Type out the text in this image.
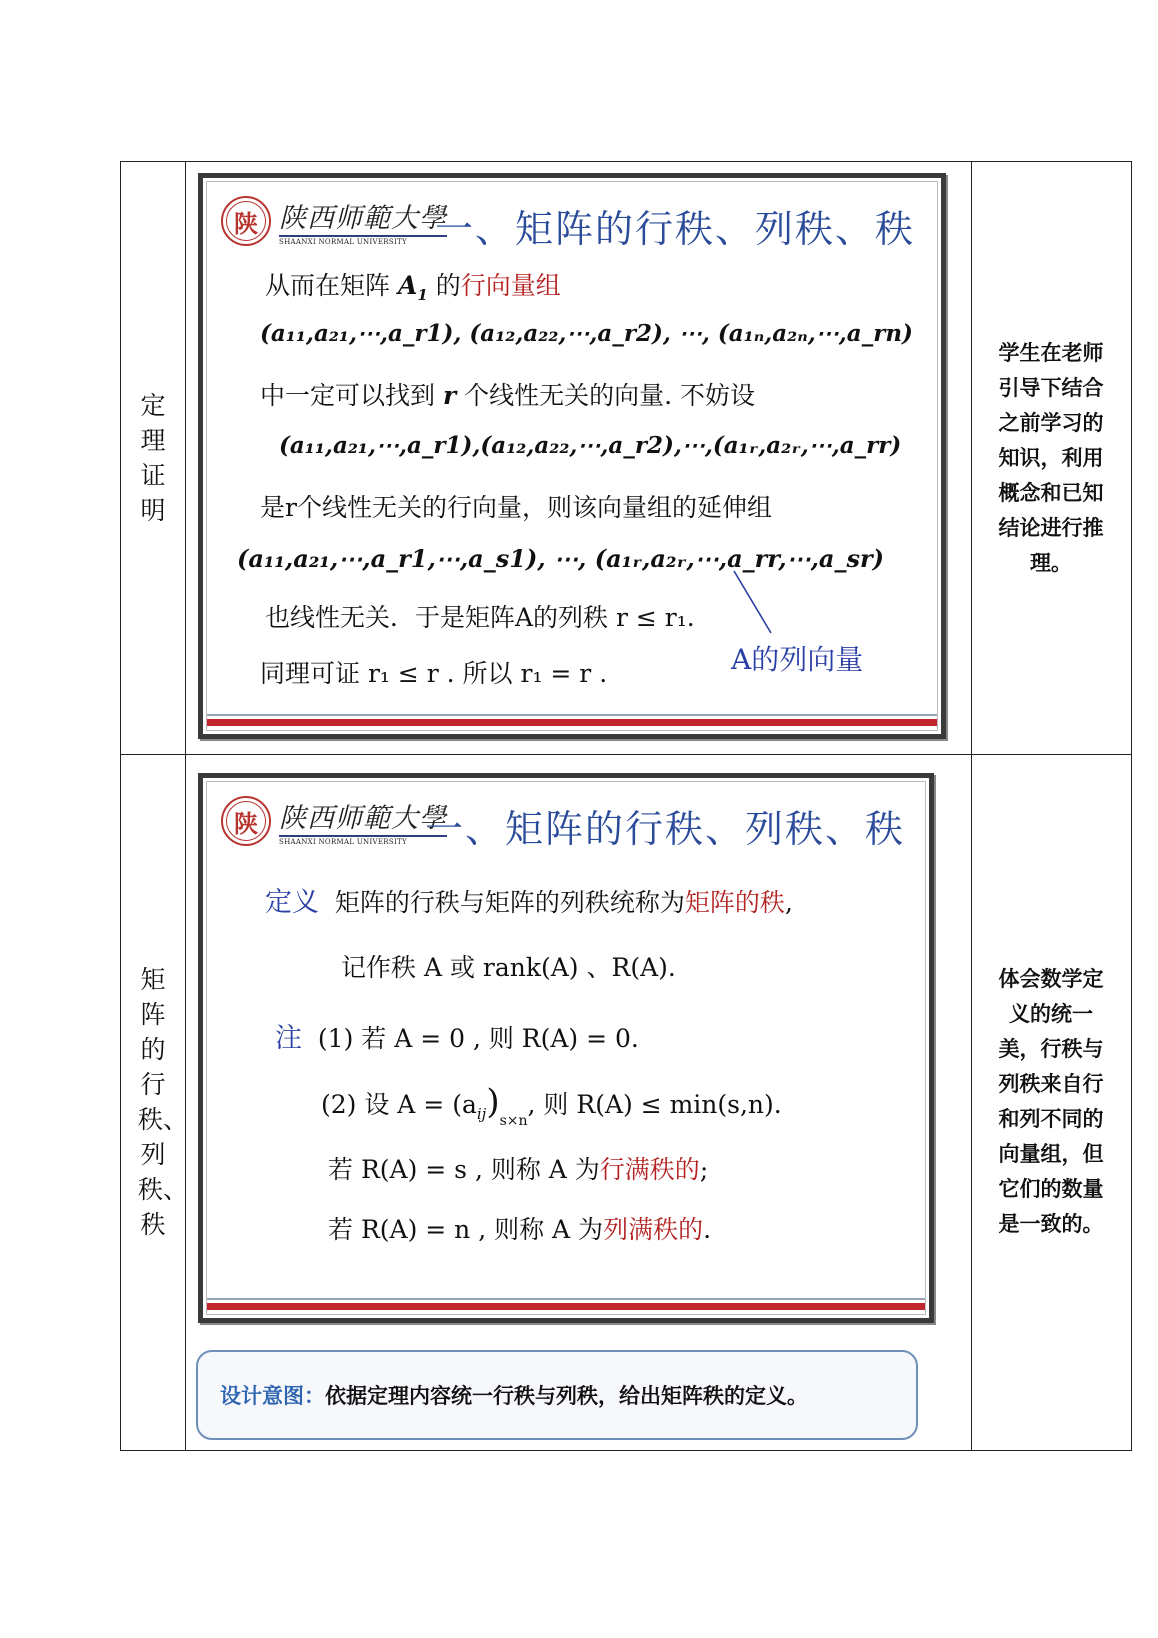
定理证明
学生在老师引导下结合之前学习的知识，利用概念和已知结论进行推理。
矩阵的行秩、列秩、秩
体会数学定义的统一美，行秩与列秩来自行和列不同的向量组，但它们的数量是一致的。
陕 陕西师範大學
SHAANXI NORMAL UNIVERSITY 一、矩阵的行秩、列秩、秩
从而在矩阵 $A_1$ 的行向量组
(a₁₁,a₂₁,⋯,a_r1), (a₁₂,a₂₂,⋯,a_r2), ⋯, (a₁ₙ,a₂ₙ,⋯,a_rn)
中一定可以找到 r 个线性无关的向量. 不妨设
(a₁₁,a₂₁,⋯,a_r1),(a₁₂,a₂₂,⋯,a_r2),⋯,(a₁ᵣ,a₂ᵣ,⋯,a_rr)
是r个线性无关的行向量，则该向量组的延伸组
(a₁₁,a₂₁,⋯,a_r1,⋯,a_s1), ⋯, (a₁ᵣ,a₂ᵣ,⋯,a_rr,⋯,a_sr)
也线性无关．于是矩阵A的列秩 r ≤ r₁.
同理可证 r₁ ≤ r . 所以 r₁ = r .	A的列向量
陕 陕西师範大學
SHAANXI NORMAL UNIVERSITY 一、矩阵的行秩、列秩、秩
定义 矩阵的行秩与矩阵的列秩统称为矩阵的秩,
记作秩 A 或 rank(A) 、R(A).
注 (1) 若 A = 0 , 则 R(A) = 0.
(2) 设 $A = (a_{ij})_{s\times n}$, 则 R(A) ≤ min(s,n).
若 R(A) = s , 则称 A 为行满秩的;
若 R(A) = n , 则称 A 为列满秩的.
设计意图： 依据定理内容统一行秩与列秩，给出矩阵秩的定义。
